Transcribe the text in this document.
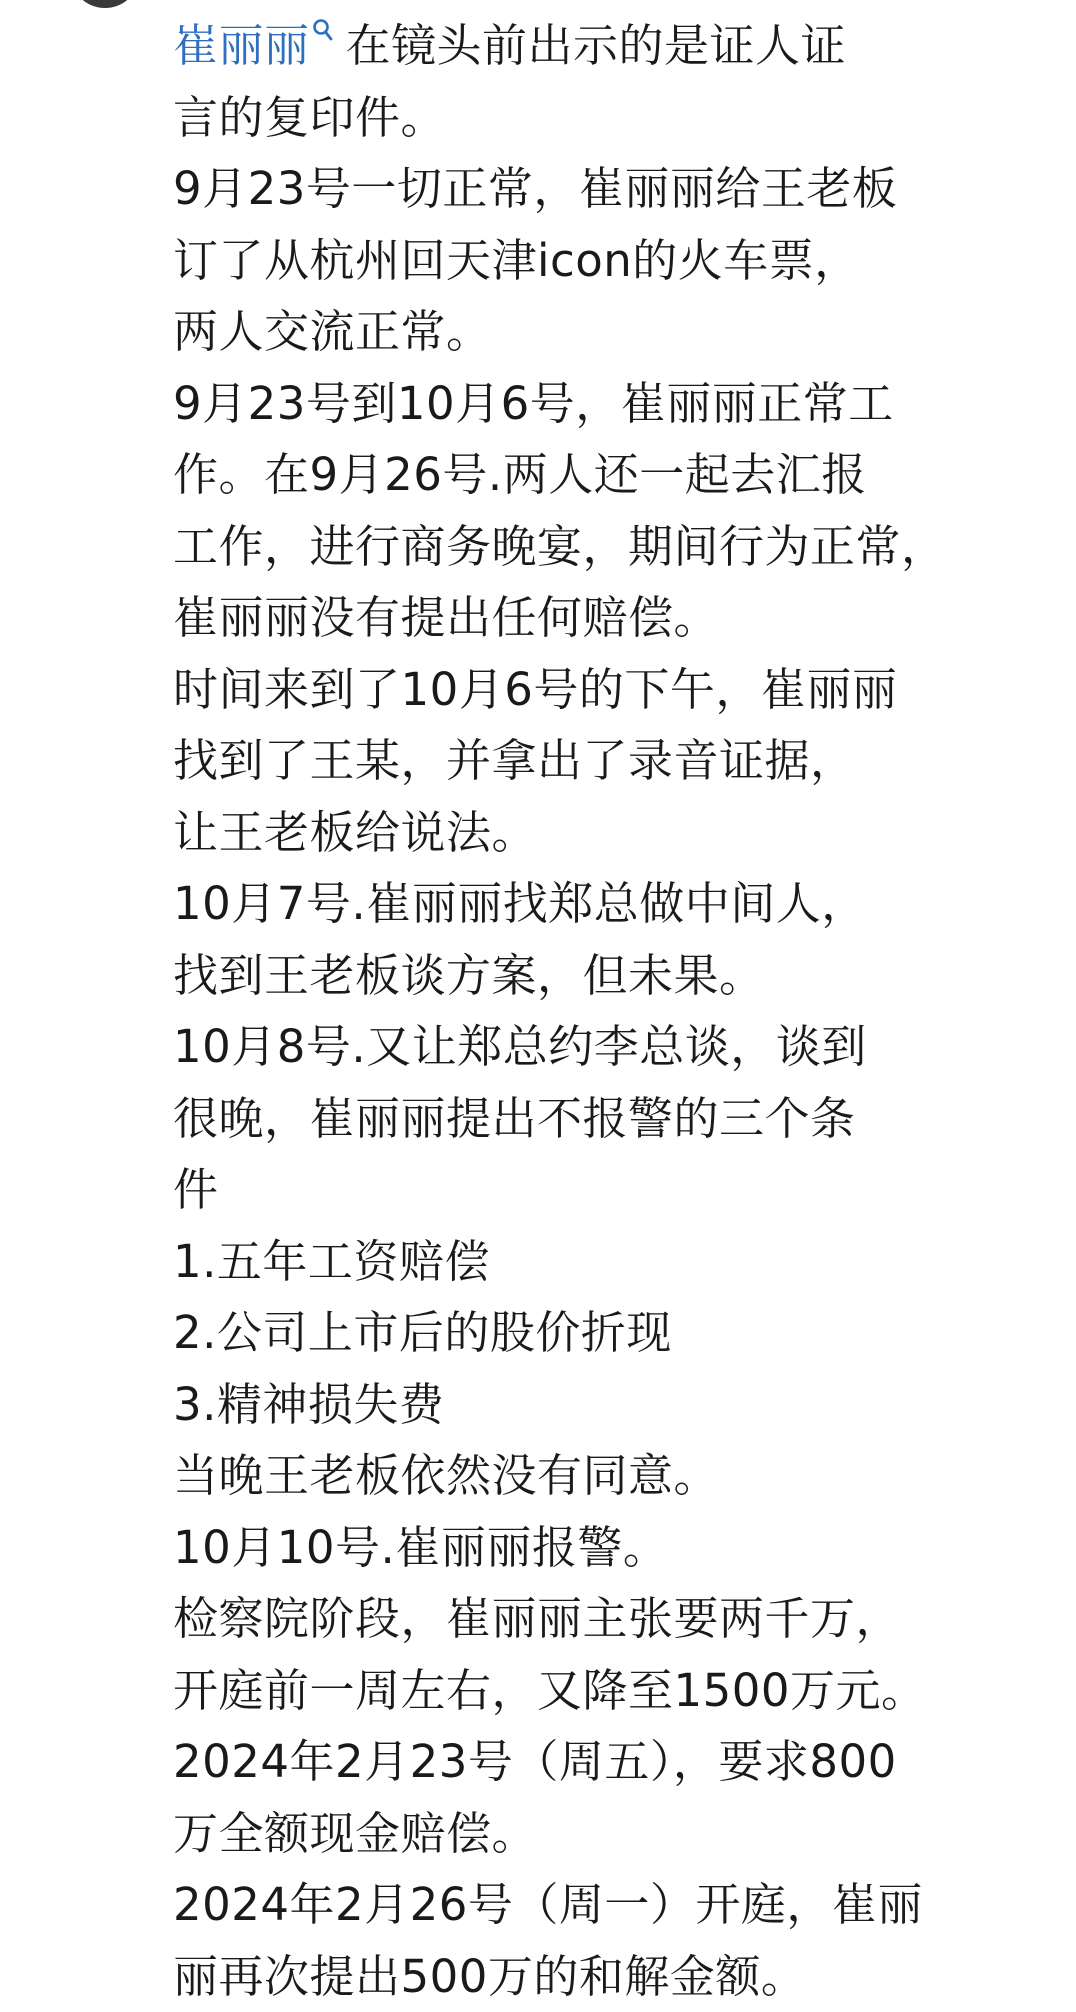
崔丽丽 在镜头前出示的是证人证
言的复印件。
9月23号一切正常，崔丽丽给王老板
订了从杭州回天津icon的火车票，
两人交流正常。
9月23号到10月6号，崔丽丽正常工
作。在9月26号.两人还一起去汇报
工作，进行商务晚宴，期间行为正常，
崔丽丽没有提出任何赔偿。
时间来到了10月6号的下午，崔丽丽
找到了王某，并拿出了录音证据，
让王老板给说法。
10月7号.崔丽丽找郑总做中间人，
找到王老板谈方案，但未果。
10月8号.又让郑总约李总谈，谈到
很晚，崔丽丽提出不报警的三个条
件
1.五年工资赔偿
2.公司上市后的股价折现
3.精神损失费
当晚王老板依然没有同意。
10月10号.崔丽丽报警。
检察院阶段，崔丽丽主张要两千万，
开庭前一周左右，又降至1500万元。
2024年2月23号（周五），要求800
万全额现金赔偿。
2024年2月26号（周一）开庭，崔丽
丽再次提出500万的和解金额。
